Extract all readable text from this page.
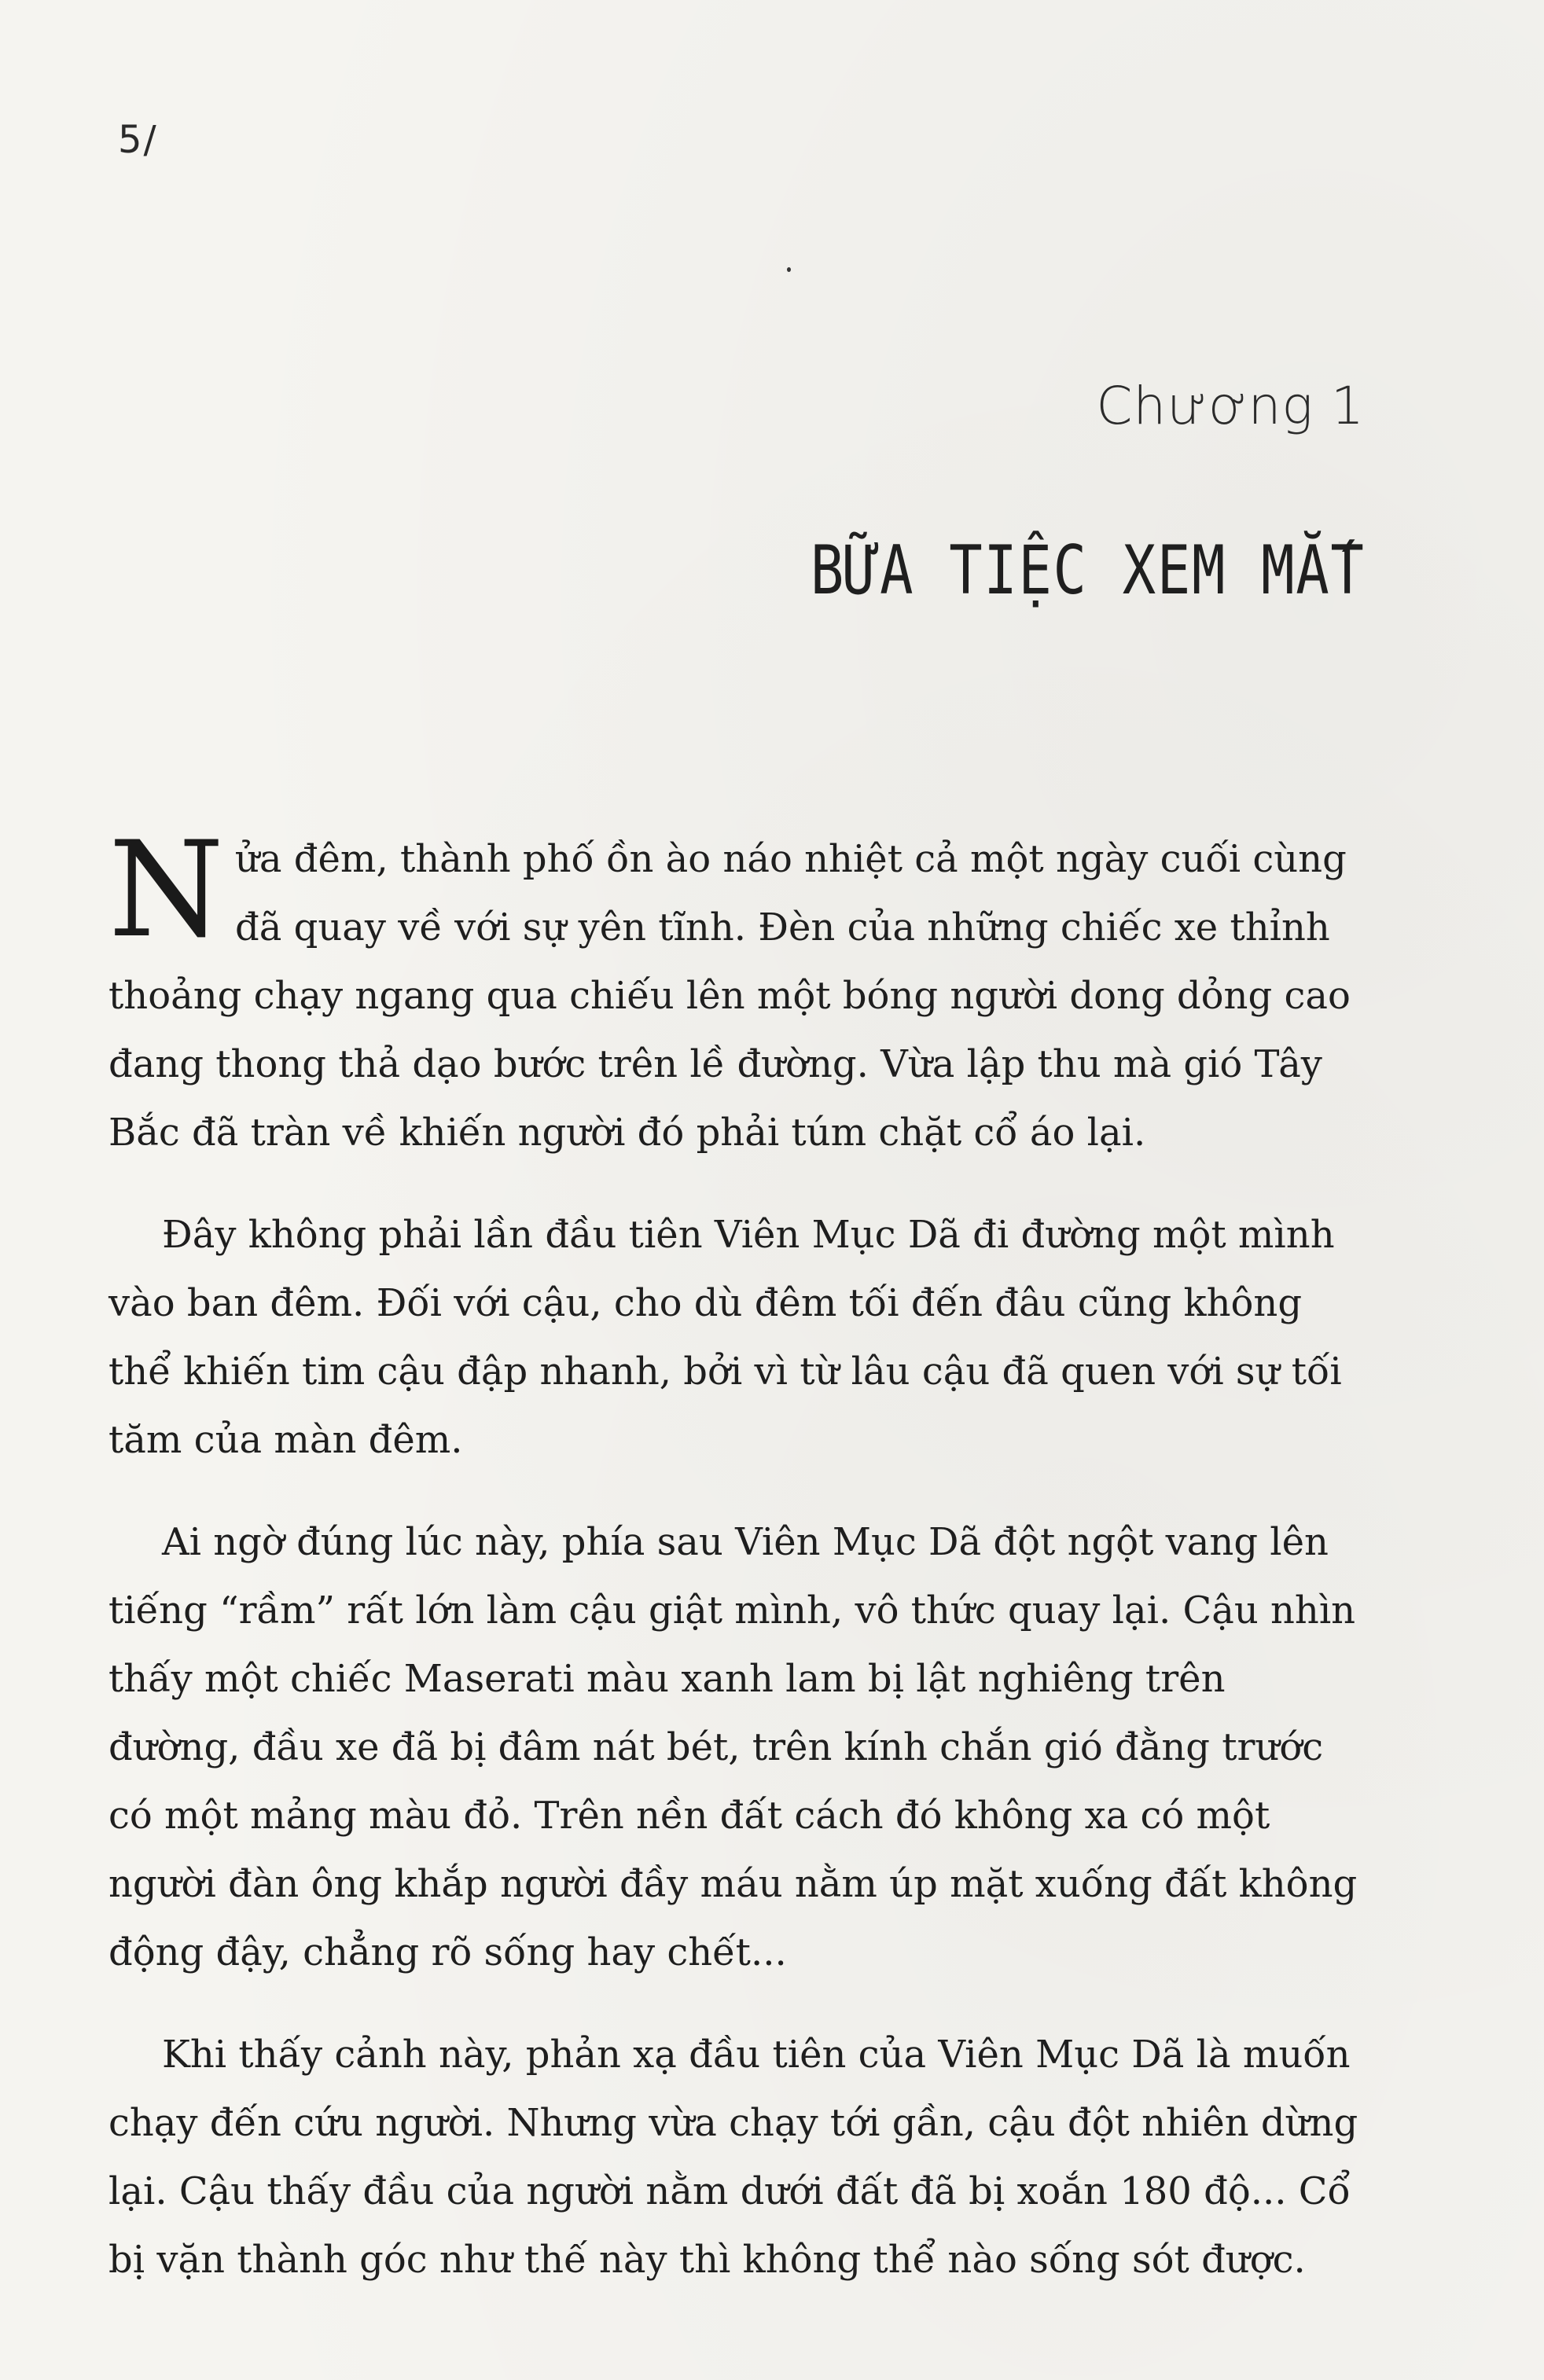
5/
Chương 1
BỮA TIỆC XEM MẮT

Nửa đêm, thành phố ồn ào náo nhiệt cả một ngày cuối cùng đã quay về với sự yên tĩnh. Đèn của những chiếc xe thỉnh thoảng chạy ngang qua chiếu lên một bóng người dong dỏng cao đang thong thả dạo bước trên lề đường. Vừa lập thu mà gió Tây Bắc đã tràn về khiến người đó phải túm chặt cổ áo lại.

Đây không phải lần đầu tiên Viên Mục Dã đi đường một mình vào ban đêm. Đối với cậu, cho dù đêm tối đến đâu cũng không thể khiến tim cậu đập nhanh, bởi vì từ lâu cậu đã quen với sự tối tăm của màn đêm.

Ai ngờ đúng lúc này, phía sau Viên Mục Dã đột ngột vang lên tiếng “rầm” rất lớn làm cậu giật mình, vô thức quay lại. Cậu nhìn thấy một chiếc Maserati màu xanh lam bị lật nghiêng trên đường, đầu xe đã bị đâm nát bét, trên kính chắn gió đằng trước có một mảng màu đỏ. Trên nền đất cách đó không xa có một người đàn ông khắp người đầy máu nằm úp mặt xuống đất không động đậy, chẳng rõ sống hay chết...

Khi thấy cảnh này, phản xạ đầu tiên của Viên Mục Dã là muốn chạy đến cứu người. Nhưng vừa chạy tới gần, cậu đột nhiên dừng lại. Cậu thấy đầu của người nằm dưới đất đã bị xoắn 180 độ... Cổ bị vặn thành góc như thế này thì không thể nào sống sót được.
